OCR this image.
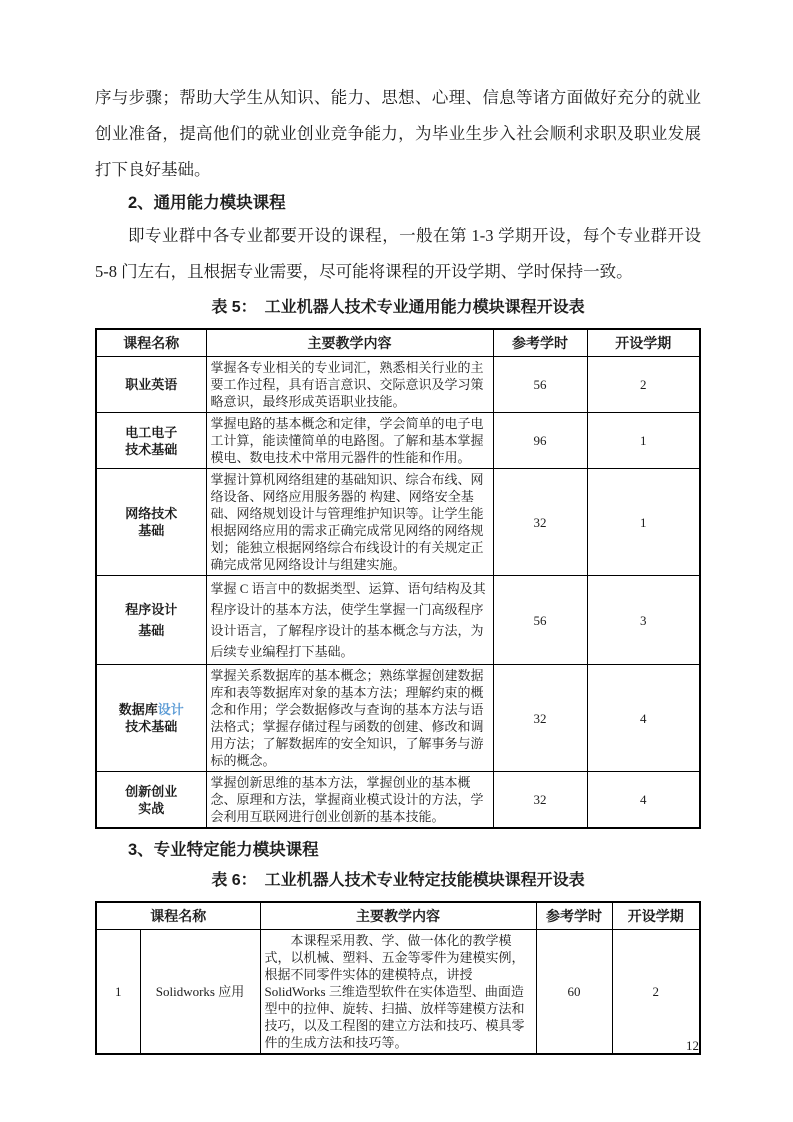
序与步骤；帮助大学生从知识、能力、思想、心理、信息等诸方面做好充分的就业创业准备，提高他们的就业创业竞争能力，为毕业生步入社会顺利求职及职业发展打下良好基础。

2、通用能力模块课程

即专业群中各专业都要开设的课程，一般在第 1-3 学期开设，每个专业群开设 5-8 门左右，且根据专业需要，尽可能将课程的开设学期、学时保持一致。

表 5：　工业机器人技术专业通用能力模块课程开设表
课程名称	主要教学内容	参考学时	开设学期
职业英语	掌握各专业相关的专业词汇，熟悉相关行业的主要工作过程，具有语言意识、交际意识及学习策略意识，最终形成英语职业技能。	56	2
电工电子
技术基础	掌握电路的基本概念和定律，学会简单的电子电工计算，能读懂简单的电路图。了解和基本掌握模电、数电技术中常用元器件的性能和作用。	96	1
网络技术
基础	掌握计算机网络组建的基础知识、综合布线、网络设备、网络应用服务器的 构建、网络安全基础、网络规划设计与管理维护知识等。让学生能根据网络应用的需求正确完成常见网络的网络规划；能独立根据网络综合布线设计的有关规定正确完成常见网络设计与组建实施。	32	1
程序设计
基础	掌握 C 语言中的数据类型、运算、语句结构及其程序设计的基本方法，使学生掌握一门高级程序设计语言，了解程序设计的基本概念与方法，为后续专业编程打下基础。	56	3
数据库设计
技术基础	掌握关系数据库的基本概念；熟练掌握创建数据库和表等数据库对象的基本方法；理解约束的概念和作用；学会数据修改与查询的基本方法与语法格式；掌握存储过程与函数的创建、修改和调用方法；了解数据库的安全知识，了解事务与游标的概念。	32	4
创新创业
实战	掌握创新思维的基本方法，掌握创业的基本概念、原理和方法，掌握商业模式设计的方法，学会利用互联网进行创业创新的基本技能。	32	4
3、专业特定能力模块课程
表 6：　工业机器人技术专业特定技能模块课程开设表
课程名称		主要教学内容	参考学时	开设学期
1	Solidworks 应用	本课程采用教、学、做一体化的教学模式，以机械、塑料、五金等零件为建模实例，根据不同零件实体的建模特点，讲授 SolidWorks 三维造型软件在实体造型、曲面造型中的拉伸、旋转、扫描、放样等建模方法和技巧，以及工程图的建立方法和技巧、模具零件的生成方法和技巧等。	60	2
12
